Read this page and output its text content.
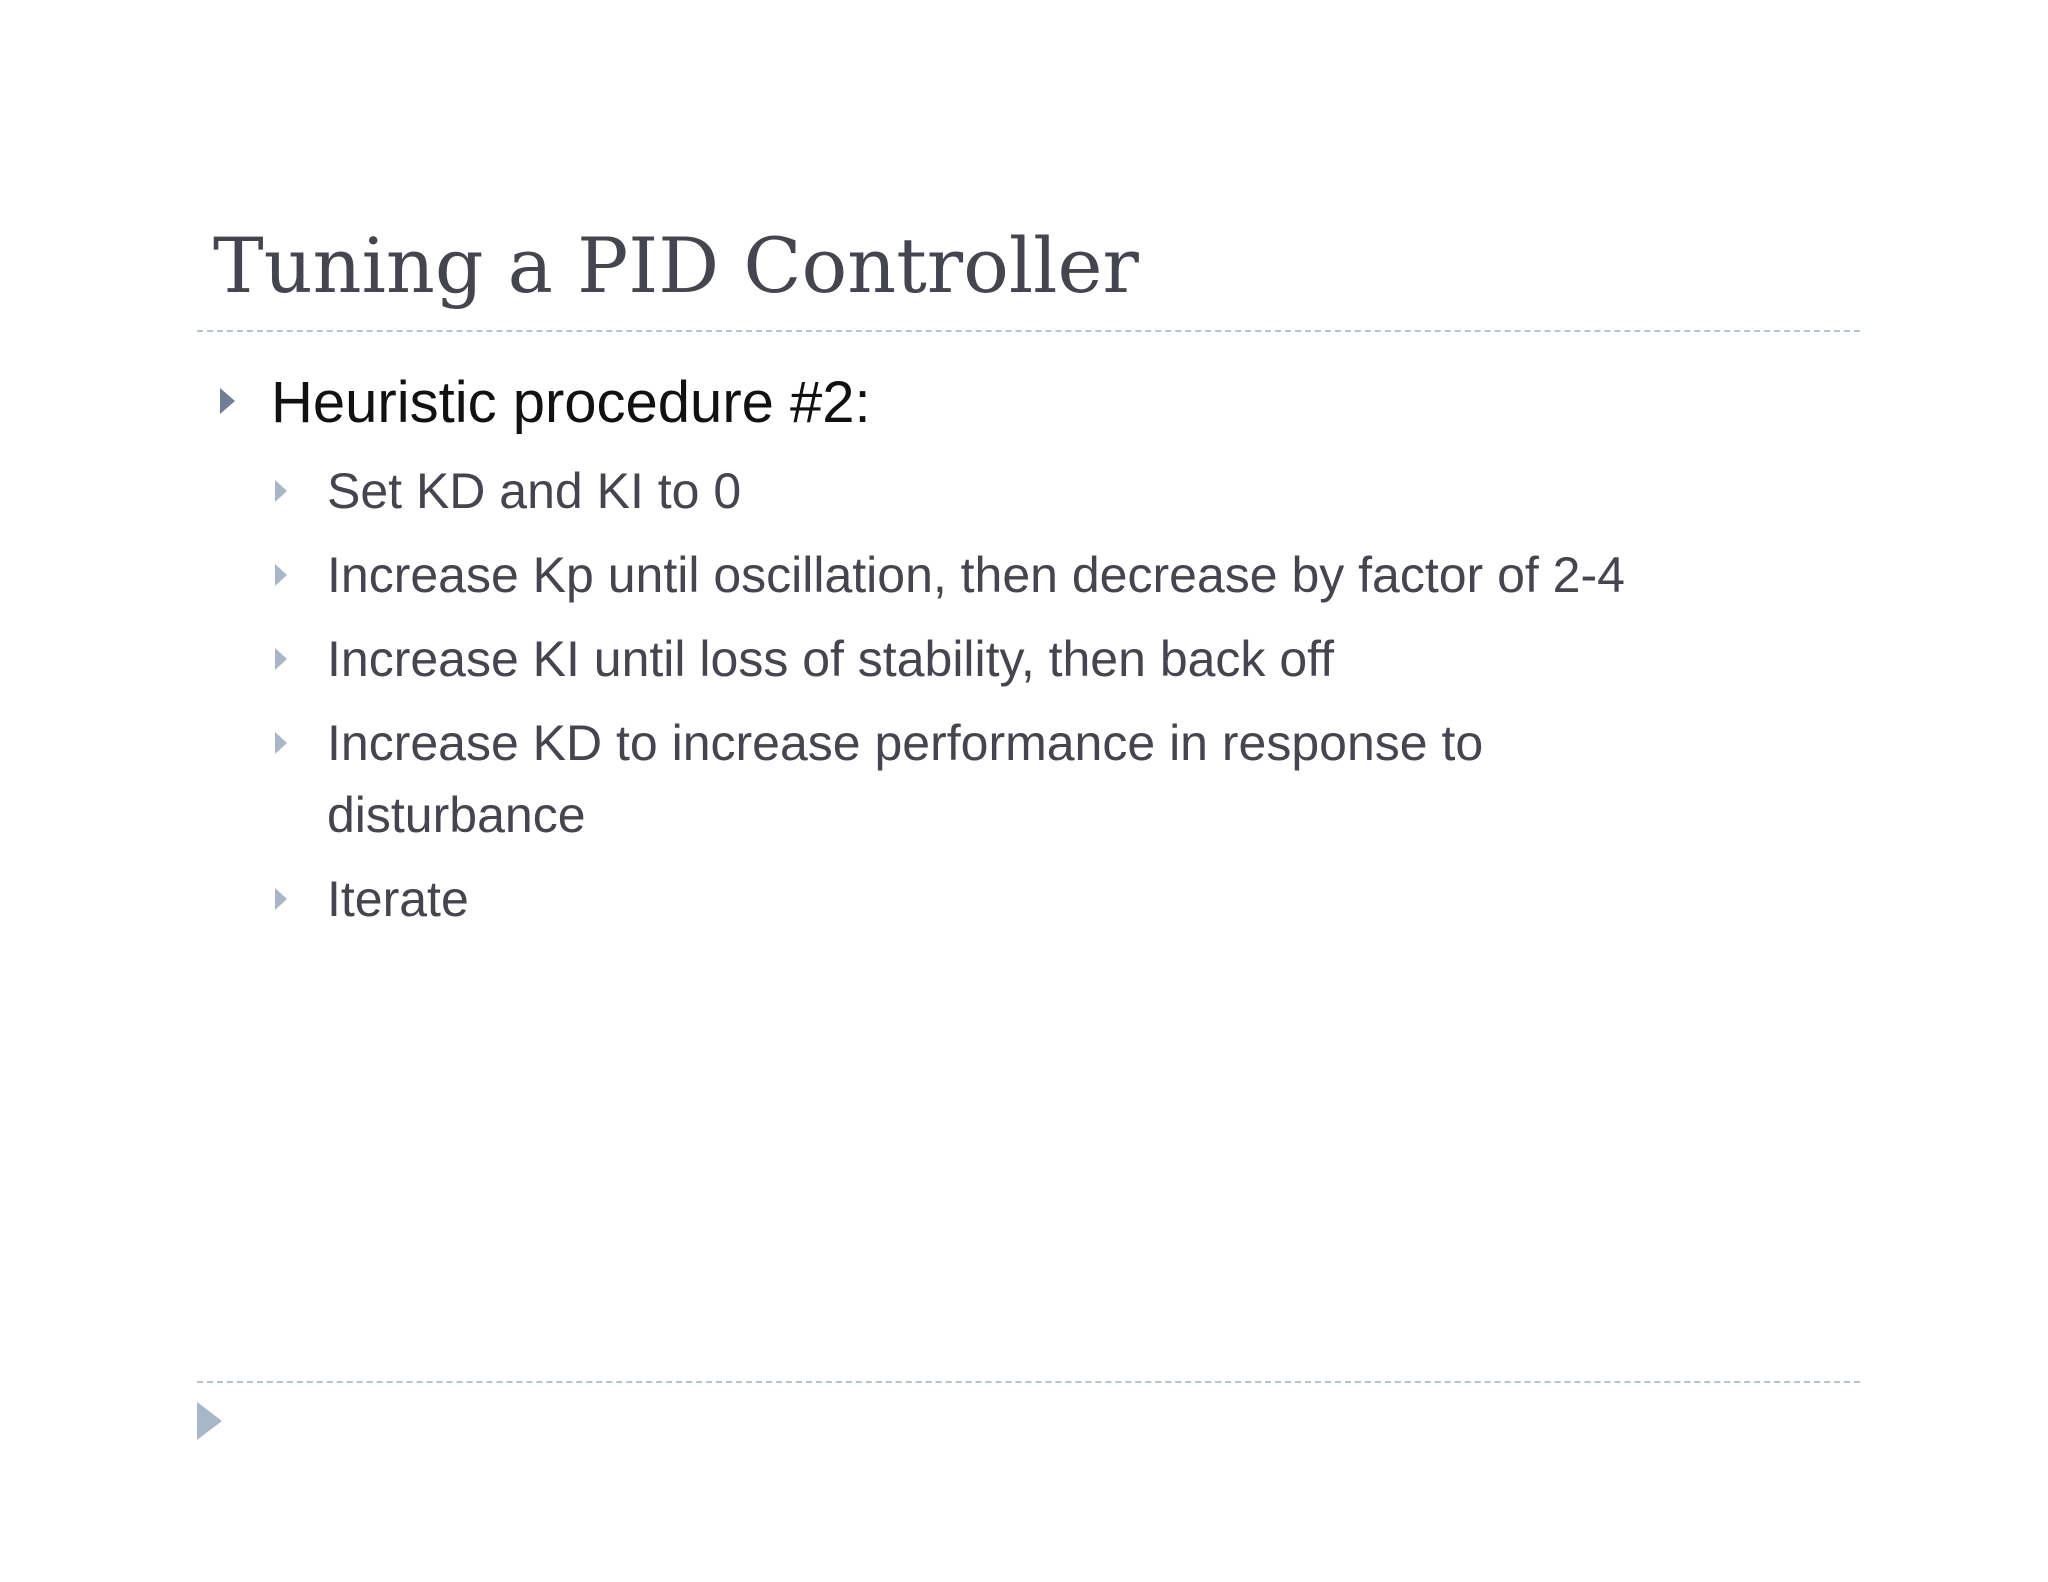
Tuning a PID Controller
Heuristic procedure #2:
Set KD and KI to 0
Increase Kp until oscillation, then decrease by factor of 2-4
Increase KI until loss of stability, then back off
Increase KD to increase performance in response to disturbance
Iterate
